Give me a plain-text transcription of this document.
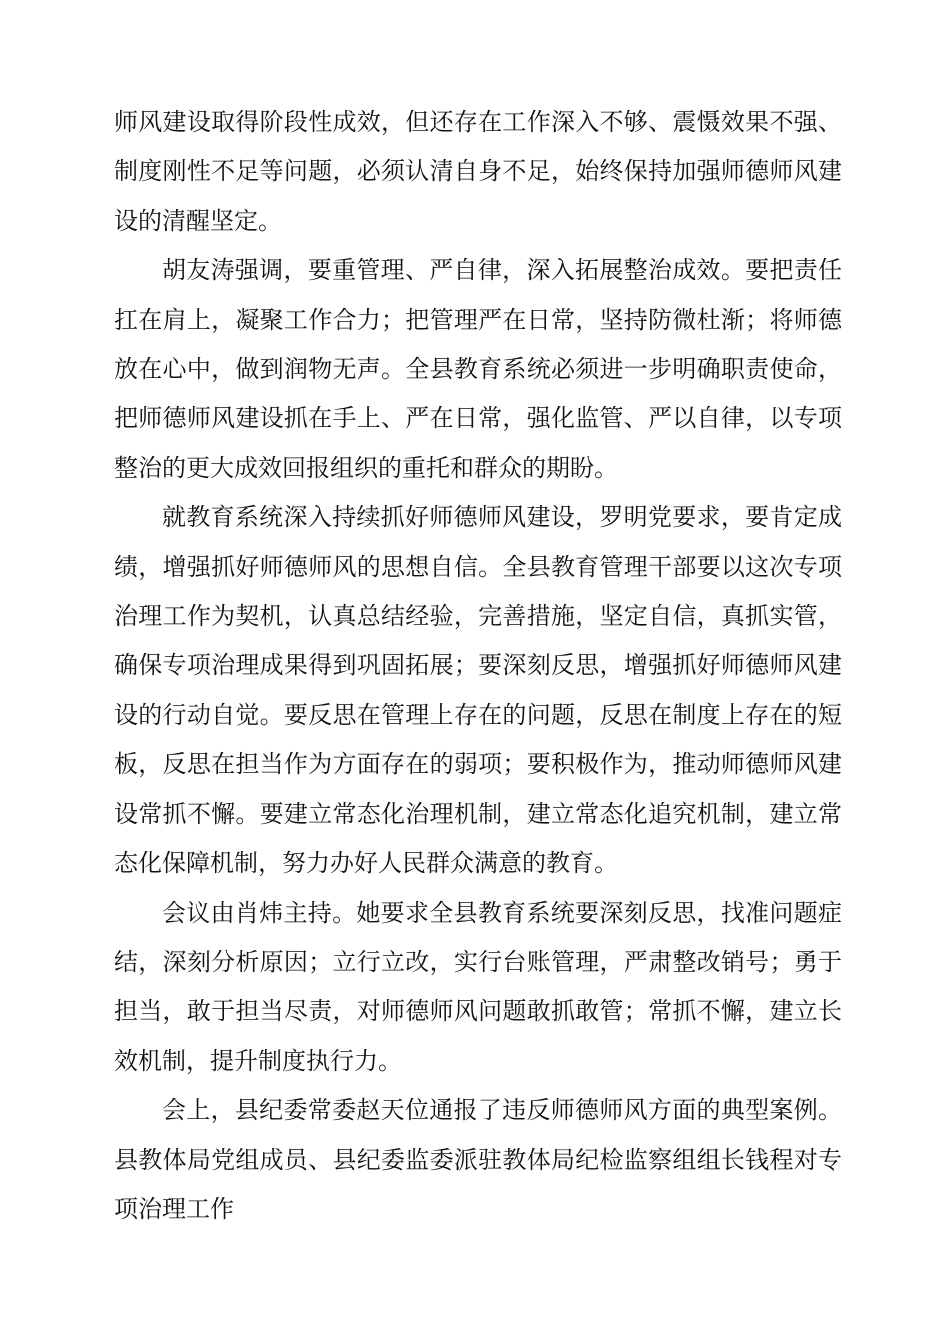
师风建设取得阶段性成效，但还存在工作深入不够、震慑效果不强、制度刚性不足等问题，必须认清自身不足，始终保持加强师德师风建设的清醒坚定。

胡友涛强调，要重管理、严自律，深入拓展整治成效。要把责任扛在肩上，凝聚工作合力；把管理严在日常，坚持防微杜渐；将师德放在心中，做到润物无声。全县教育系统必须进一步明确职责使命，把师德师风建设抓在手上、严在日常，强化监管、严以自律，以专项整治的更大成效回报组织的重托和群众的期盼。

就教育系统深入持续抓好师德师风建设，罗明党要求，要肯定成绩，增强抓好师德师风的思想自信。全县教育管理干部要以这次专项治理工作为契机，认真总结经验，完善措施，坚定自信，真抓实管，确保专项治理成果得到巩固拓展；要深刻反思，增强抓好师德师风建设的行动自觉。要反思在管理上存在的问题，反思在制度上存在的短板，反思在担当作为方面存在的弱项；要积极作为，推动师德师风建设常抓不懈。要建立常态化治理机制，建立常态化追究机制，建立常态化保障机制，努力办好人民群众满意的教育。

会议由肖炜主持。她要求全县教育系统要深刻反思，找准问题症结，深刻分析原因；立行立改，实行台账管理，严肃整改销号；勇于担当，敢于担当尽责，对师德师风问题敢抓敢管；常抓不懈，建立长效机制，提升制度执行力。

会上，县纪委常委赵天位通报了违反师德师风方面的典型案例。县教体局党组成员、县纪委监委派驻教体局纪检监察组组长钱程对专项治理工作
